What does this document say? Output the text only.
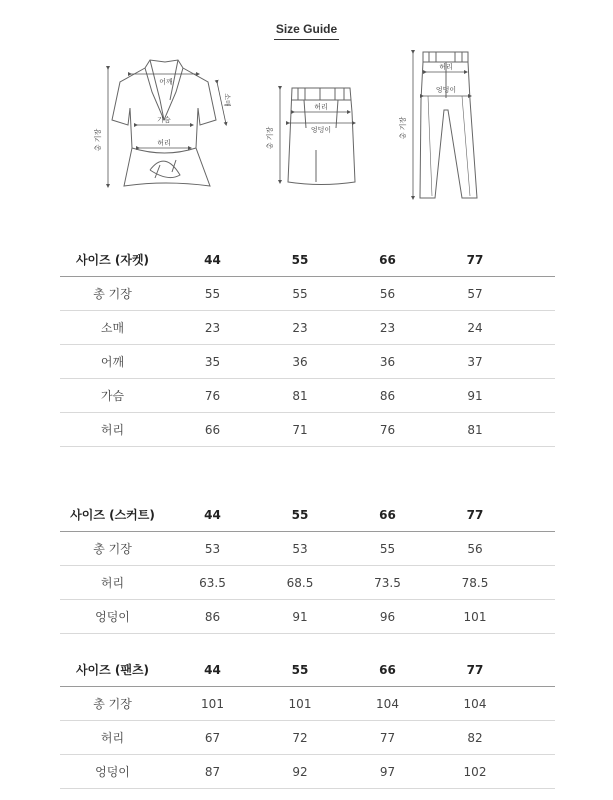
Size Guide
어깨
가슴
허리
소매
총 기장
허리
엉덩이
총 기장
허리
엉덩이
총 기장
사이즈 (자켓)	44	55	66	77	
총 기장	55	55	56	57	
소매	23	23	23	24	
어깨	35	36	36	37	
가슴	76	81	86	91	
허리	66	71	76	81	
사이즈 (스커트)	44	55	66	77	
총 기장	53	53	55	56	
허리	63.5	68.5	73.5	78.5	
엉덩이	86	91	96	101	
사이즈 (팬츠)	44	55	66	77	
총 기장	101	101	104	104	
허리	67	72	77	82	
엉덩이	87	92	97	102	
